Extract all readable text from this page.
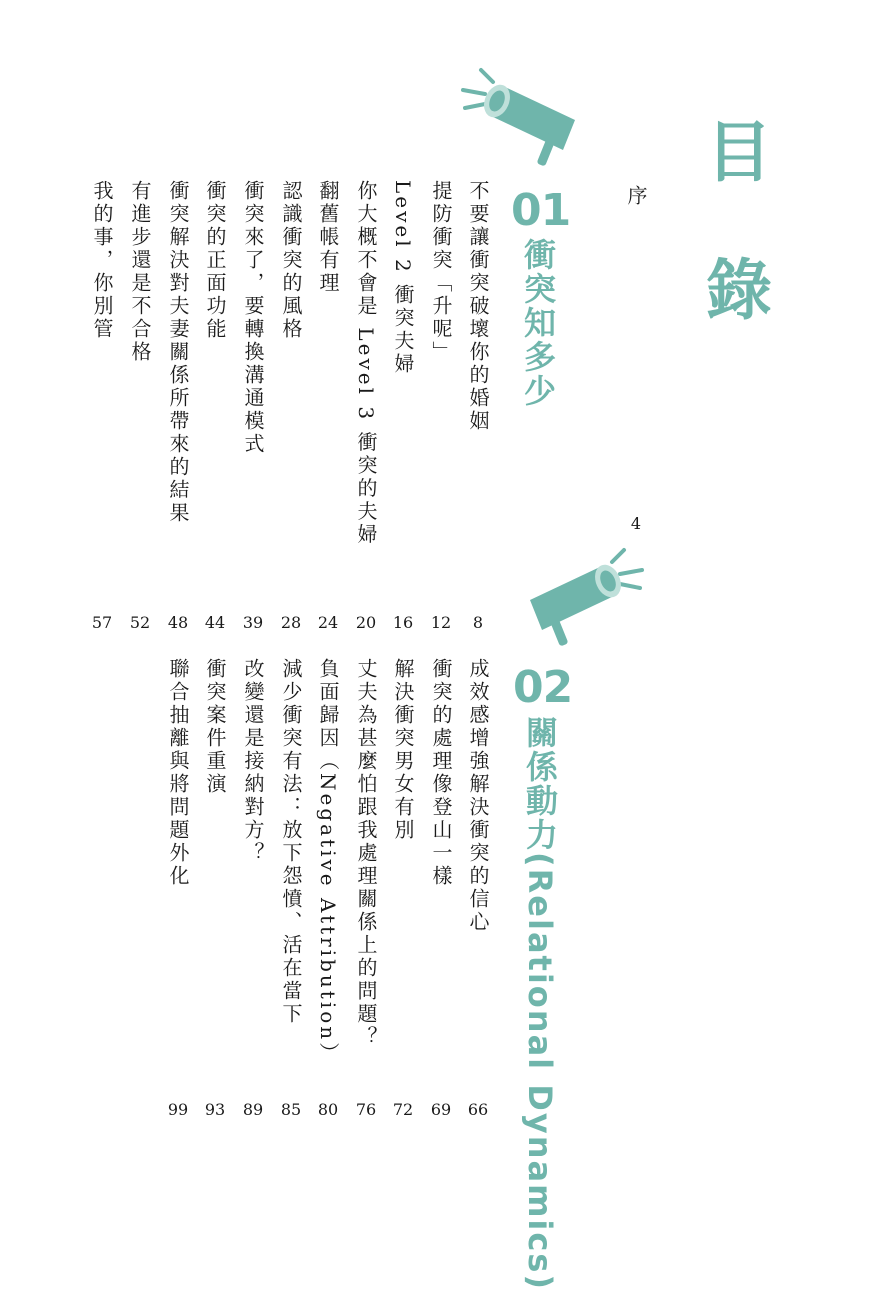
目
錄
序
4
01
衝突知多少
不要讓衝突破壞你的婚姻
提防衝突「升呢」
Level 2 衝突夫婦
你大概不會是 Level 3 衝突的夫婦
翻舊帳有理
認識衝突的風格
衝突來了，要轉換溝通模式
衝突的正面功能
衝突解決對夫妻關係所帶來的結果
有進步還是不合格
我的事，你別管
8
12
16
20
24
28
39
44
48
52
57
02
關係動力(Relational Dynamics)
成效感增強解決衝突的信心
衝突的處理像登山一樣
解決衝突男女有別
丈夫為甚麼怕跟我處理關係上的問題？
負面歸因（Negative Attribution）
減少衝突有法：放下怨憤、活在當下
改變還是接納對方？
衝突案件重演
聯合抽離與將問題外化
66
69
72
76
80
85
89
93
99
